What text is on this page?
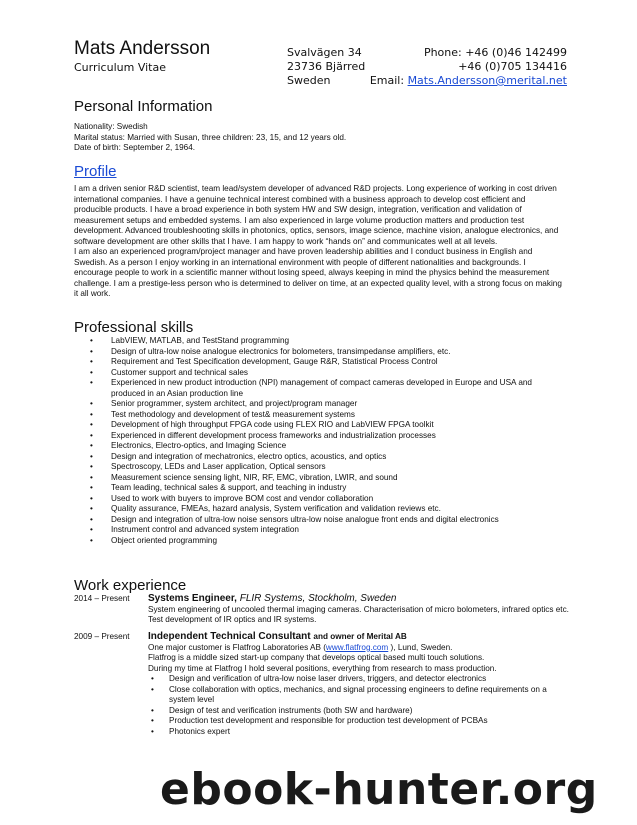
Mats Andersson
Curriculum Vitae
Svalvägen 34
23736 Bjärred
Sweden
Phone: +46 (0)46 142499
+46 (0)705 134416
Email: Mats.Andersson@merital.net
Personal Information
Nationality: Swedish
Marital status: Married with Susan, three children: 23, 15, and 12 years old.
Date of birth: September 2, 1964.
Profile

I am a driven senior R&D scientist, team lead/system developer of advanced R&D projects. Long experience of working in cost driven international companies. I have a genuine technical interest combined with a business approach to develop cost efficient and producible products. I have a broad experience in both system HW and SW design, integration, verification and validation of measurement setups and embedded systems. I am also experienced in large volume production matters and production test development. Advanced troubleshooting skills in photonics, optics, sensors, image science, machine vision, analogue electronics, and software development are other skills that I have. I am happy to work “hands on” and communicates well at all levels.

I am also an experienced program/project manager and have proven leadership abilities and I conduct business in English and Swedish. As a person I enjoy working in an international environment with people of different nationalities and backgrounds. I encourage people to work in a scientific manner without losing speed, always keeping in mind the physics behind the measurement challenge. I am a prestige-less person who is determined to deliver on time, at an expected quality level, with a strong focus on making it all work.

Professional skills
• LabVIEW, MATLAB, and TestStand programming
• Design of ultra-low noise analogue electronics for bolometers, transimpedanse amplifiers, etc.
• Requirement and Test Specification development, Gauge R&R, Statistical Process Control
• Customer support and technical sales
• Experienced in new product introduction (NPI) management of compact cameras developed in Europe and USA and produced in an Asian production line
• Senior programmer, system architect, and project/program manager
• Test methodology and development of test& measurement systems
• Development of high throughput FPGA code using FLEX RIO and LabVIEW FPGA toolkit
• Experienced in different development process frameworks and industrialization processes
• Electronics, Electro-optics, and Imaging Science
• Design and integration of mechatronics, electro optics, acoustics, and optics
• Spectroscopy, LEDs and Laser application, Optical sensors
• Measurement science sensing light, NIR, RF, EMC, vibration, LWIR, and sound
• Team leading, technical sales & support, and teaching in industry
• Used to work with buyers to improve BOM cost and vendor collaboration
• Quality assurance, FMEAs, hazard analysis, System verification and validation reviews etc.
• Design and integration of ultra-low noise sensors ultra-low noise analogue front ends and digital electronics
• Instrument control and advanced system integration
• Object oriented programming
Work experience
2014 – Present	Systems Engineer, FLIR Systems, Stockholm, Sweden
System engineering of uncooled thermal imaging cameras. Characterisation of micro bolometers, infrared optics etc. Test development of IR optics and IR systems.
2009 – Present	Independent Technical Consultant and owner of Merital AB
One major customer is Flatfrog Laboratories AB (www.flatfrog.com ), Lund, Sweden.
Flatfrog is a middle sized start-up company that develops optical based multi touch solutions.
During my time at Flatfrog I hold several positions, everything from research to mass production.
• Design and verification of ultra-low noise laser drivers, triggers, and detector electronics
• Close collaboration with optics, mechanics, and signal processing engineers to define requirements on a system level
• Design of test and verification instruments (both SW and hardware)
• Production test development and responsible for production test development of PCBAs
• Photonics expert
ebook-hunter.org
